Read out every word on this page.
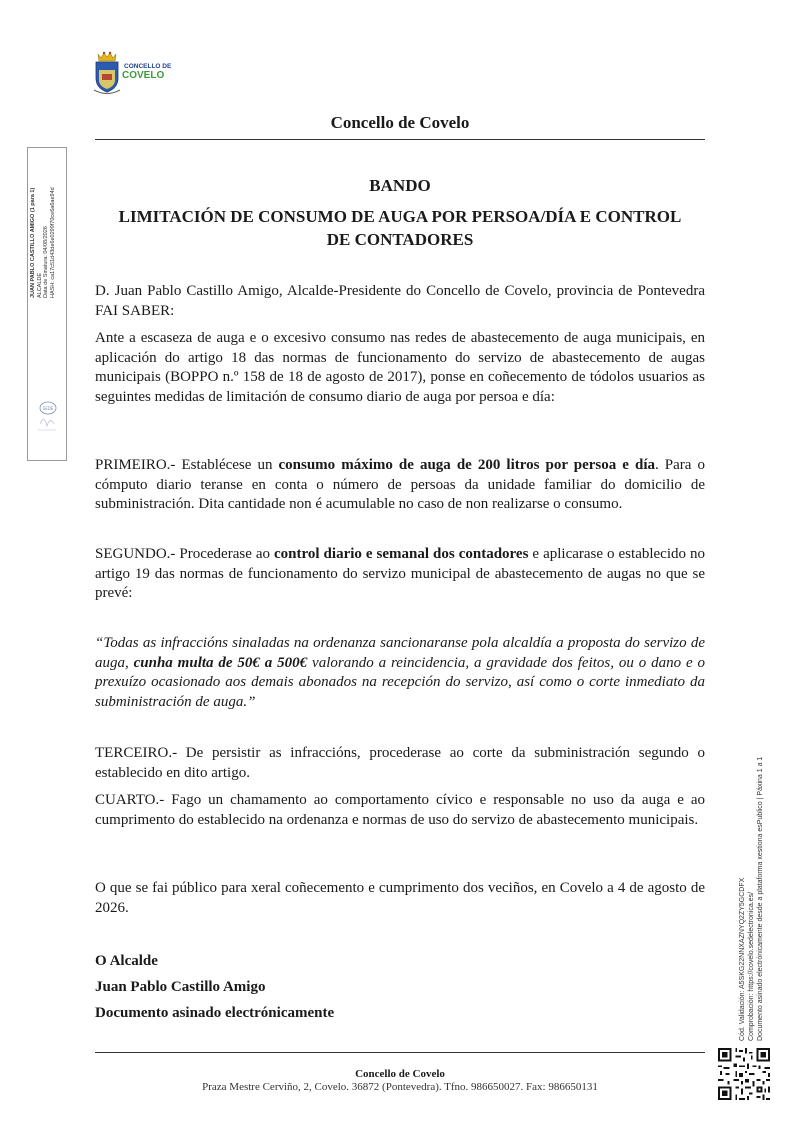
CONCELLO DE
COVELO
Concello de Covelo
JUAN PABLO CASTILLO AMIGO (1 para 1) ALCALDE Data de Sinatura: 04/08/2026 HASH: ca17c51d43de6e0299f70ce6a6ae94d
SEDE
BANDO
LIMITACIÓN DE CONSUMO DE AUGA POR PERSOA/DÍA E CONTROL DE CONTADORES
D. Juan Pablo Castillo Amigo, Alcalde-Presidente do Concello de Covelo, provincia de Pontevedra FAI SABER:
Ante a escaseza de auga e o excesivo consumo nas redes de abastecemento de auga municipais, en aplicación do artigo 18 das normas de funcionamento do servizo de abastecemento de augas municipais (BOPPO n.º 158 de 18 de agosto de 2017), ponse en coñecemento de tódolos usuarios as seguintes medidas de limitación de consumo diario de auga por persoa e día:
PRIMEIRO.- Establécese un consumo máximo de auga de 200 litros por persoa e día. Para o cómputo diario teranse en conta o número de persoas da unidade familiar do domicilio de subministración. Dita cantidade non é acumulable no caso de non realizarse o consumo.
SEGUNDO.- Procederase ao control diario e semanal dos contadores e aplicarase o establecido no artigo 19 das normas de funcionamento do servizo municipal de abastecemento de augas no que se prevé:
“Todas as infraccións sinaladas na ordenanza sancionaranse pola alcaldía a proposta do servizo de auga, cunha multa de 50€ a 500€ valorando a reincidencia, a gravidade dos feitos, ou o dano e o prexuízo ocasionado aos demais abonados na recepción do servizo, así como o corte inmediato da subministración de auga.”
TERCEIRO.- De persistir as infraccións, procederase ao corte da subministración segundo o establecido en dito artigo.
CUARTO.- Fago un chamamento ao comportamento cívico e responsable no uso da auga e ao cumprimento do establecido na ordenanza e normas de uso do servizo de abastecemento municipais.
O que se fai público para xeral coñecemento e cumprimento dos veciños, en Covelo a 4 de agosto de 2026.
O Alcalde
Juan Pablo Castillo Amigo
Documento asinado electrónicamente	Cód. Validación: A5SKG22NNXAZNYQ2ZY5GCDFX Comprobación: https://covelo.sedelectronica.es/ Documento asinado electrónicamente desde a plataforma xestiona esPublico | Páxina 1 a 1
Concello de Covelo
Praza Mestre Cerviño, 2, Covelo. 36872 (Pontevedra). Tfno. 986650027. Fax: 986650131
